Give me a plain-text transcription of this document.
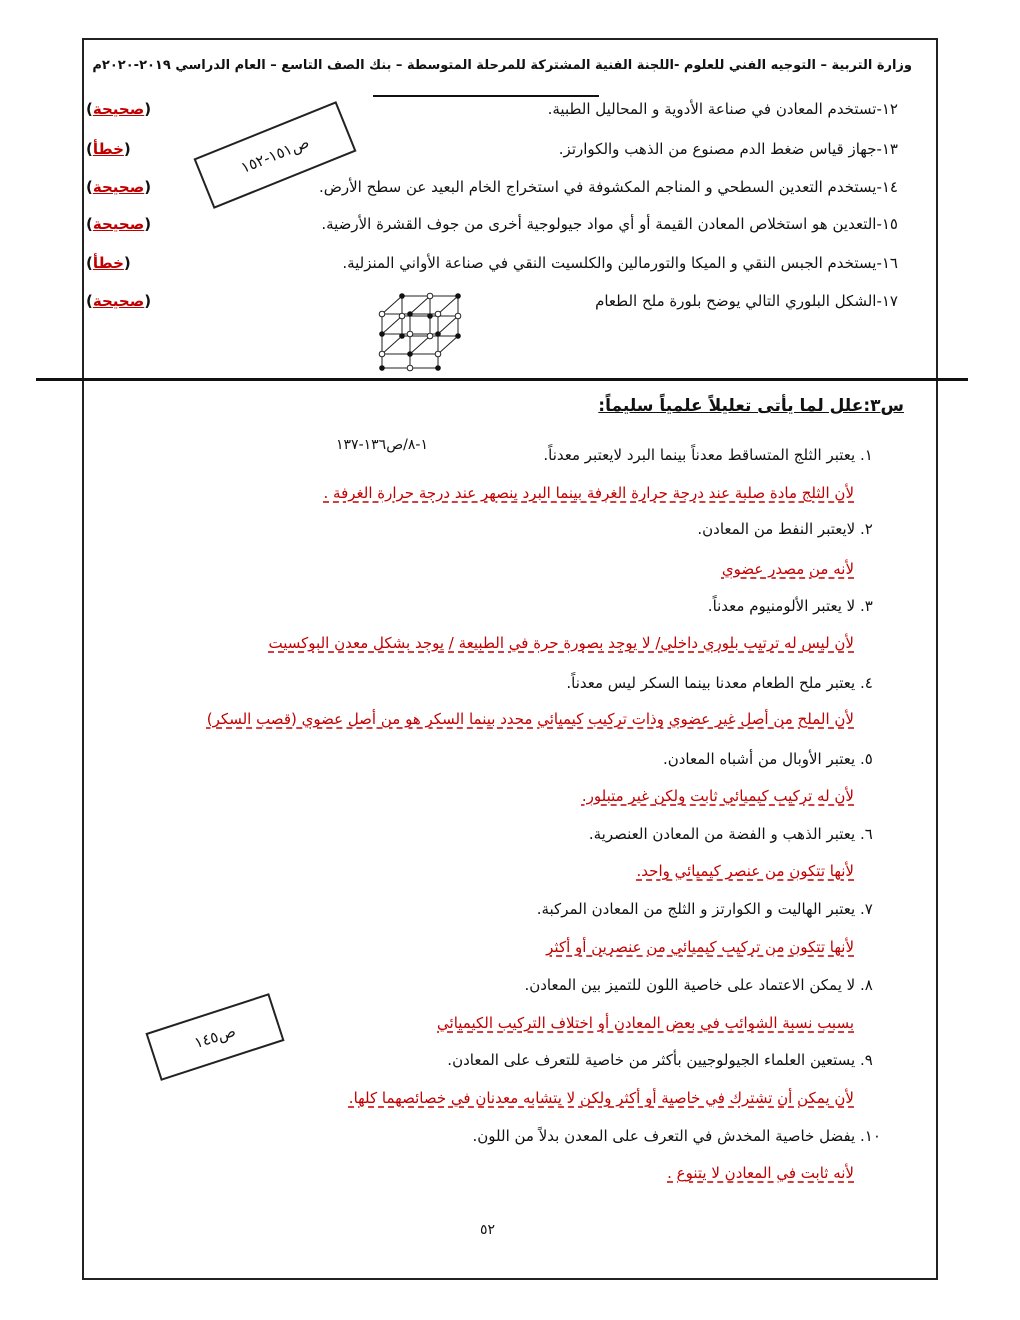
وزارة التربية – التوجيه الفني للعلوم -اللجنة الفنية المشتركة للمرحلة المتوسطة – بنك الصف التاسع – العام الدراسي ٢٠١٩-٢٠٢٠م
١٢-تستخدم المعادن في صناعة الأدوية و المحاليل الطبية.
(صحيحة)
١٣-جهاز قياس ضغط الدم مصنوع من الذهب والكوارتز.
(خطأ)
١٤-يستخدم التعدين السطحي و المناجم المكشوفة في استخراج الخام البعيد عن سطح الأرض.
(صحيحة)
١٥-التعدين هو استخلاص المعادن القيمة أو أي مواد جيولوجية أخرى من جوف القشرة الأرضية.
(صحيحة)
١٦-يستخدم الجبس النقي و الميكا والتورمالين والكلسيت النقي في صناعة الأواني المنزلية.
(خطأ)
١٧-الشكل البلوري التالي يوضح بلورة ملح الطعام
(صحيحة)
ص١٥١-١٥٢
س٣:علل لما يأتى تعليلاً علمياً سليماً:
١-٨/ص١٣٦-١٣٧
١. يعتبر الثلج المتساقط معدناً بينما البرد لايعتبر معدناً.
لأن الثلج مادة صلبة عند درجة حرارة الغرفة بينما البرد ينصهر عند درجة حرارة الغرفة .
٢. لايعتبر النفط من المعادن.
لأنه من مصدر عضوي
٣. لا يعتبر الألومنيوم معدناً.
لأن ليس له ترتيب بلوري داخلي/ لا يوجد بصورة حرة في الطبيعة / يوجد بشكل معدن البوكسيت
٤. يعتبر ملح الطعام معدنا بينما السكر ليس معدناً.
لأن الملح من أصل غير عضوي وذات تركيب كيميائي محدد بينما السكر هو من أصل عضوي (قصب السكر)
٥. يعتبر الأوبال من أشباه المعادن.
لأن له تركيب كيميائي ثابت ولكن غير متبلور.
٦. يعتبر الذهب و الفضة من المعادن العنصرية.
لأنها تتكون من عنصر كيميائي واحد.
٧. يعتبر الهاليت و الكوارتز و الثلج من المعادن المركبة.
لأنها تتكون من تركيب كيميائي من عنصرين أو أكثر
٨. لا يمكن الاعتماد على خاصية اللون للتميز بين المعادن.
بسبب نسبة الشوائب في بعض المعادن أو اختلاف التركيب الكيميائي
٩. يستعين العلماء الجيولوجيين بأكثر من خاصية للتعرف على المعادن.
لأن يمكن أن تشترك في خاصية أو أكثر ولكن لا يتشابه معدنان في خصائصهما كلها.
١٠. يفضل خاصية المخدش في التعرف على المعدن بدلاً من اللون.
لأنه ثابت في المعادن لا يتنوع .
ص١٤٥
٥٢
